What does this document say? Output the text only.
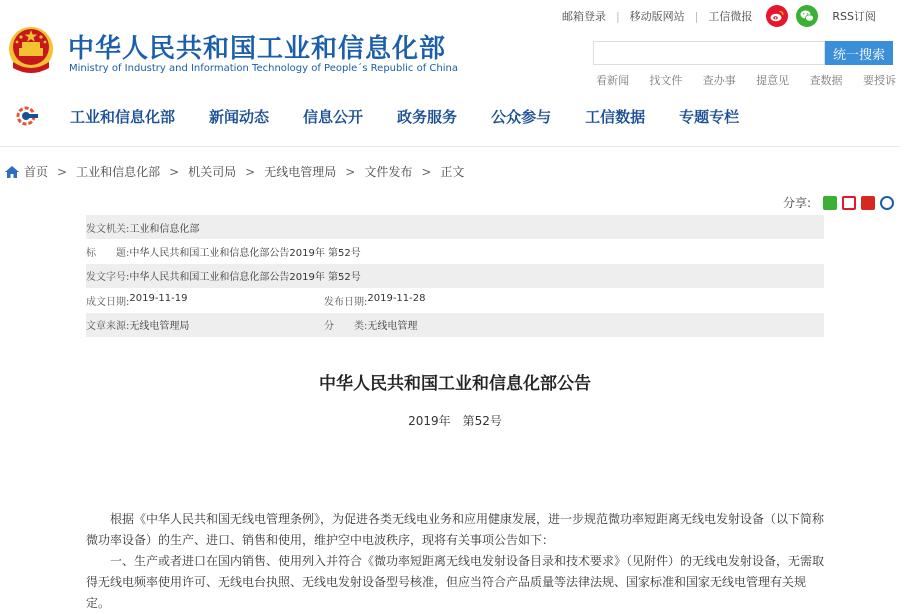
邮箱登录 | 移动版网站 | 工信微报	RSS订阅
中华人民共和国工业和信息化部
Ministry of Industry and Information Technology of People´s Republic of China
统一搜索
看新闻 找文件 查办事 提意见 查数据 要授诉
工业和信息化部 新闻动态 信息公开 政务服务 公众参与 工信数据 专题专栏
首页 > 工业和信息化部 > 机关司局 > 无线电管理局 > 文件发布 > 正文
分享:
发文机关: 工业和信息化部
标　　题: 中华人民共和国工业和信息化部公告2019年 第52号
发文字号: 中华人民共和国工业和信息化部公告2019年 第52号
成文日期: 2019-11-19	发布日期: 2019-11-28
文章来源: 无线电管理局	分　　类: 无线电管理
中华人民共和国工业和信息化部公告
2019年　第52号
　　根据《中华人民共和国无线电管理条例》，为促进各类无线电业务和应用健康发展，进一步规范微功率短距离无线电发射设备（以下简称微功率设备）的生产、进口、销售和使用，维护空中电波秩序，现将有关事项公告如下：
　　一、生产或者进口在国内销售、使用列入并符合《微功率短距离无线电发射设备目录和技术要求》（见附件）的无线电发射设备，无需取得无线电频率使用许可、无线电台执照、无线电发射设备型号核准，但应当符合产品质量等法律法规、国家标准和国家无线电管理有关规定。
